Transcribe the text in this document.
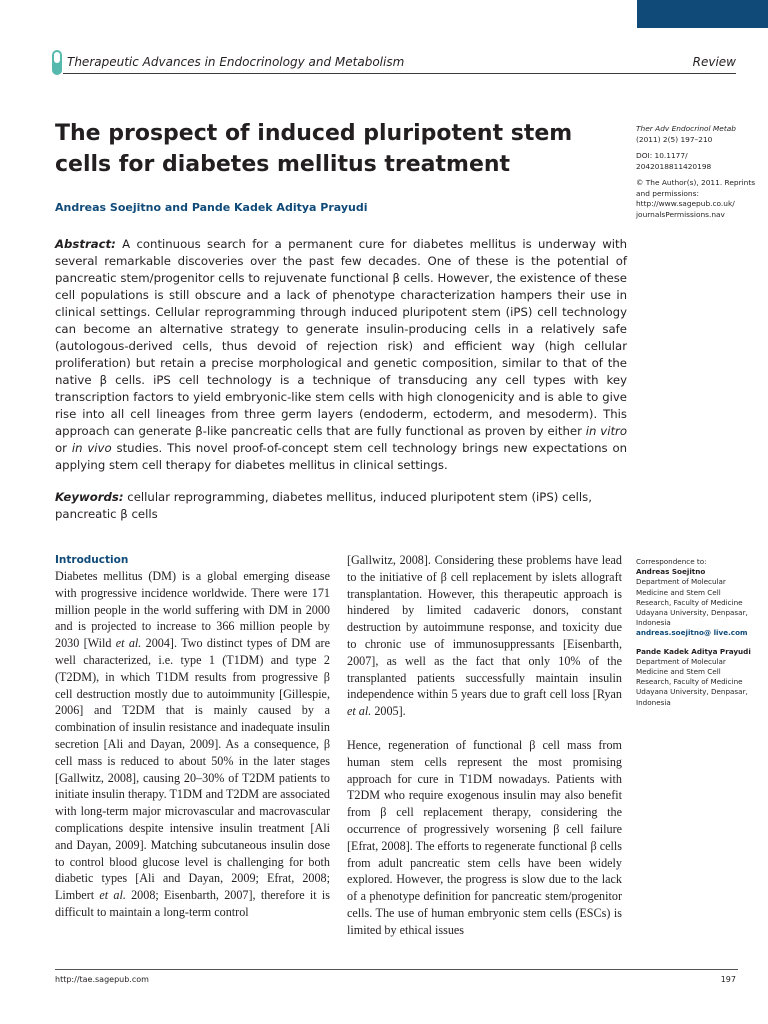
Therapeutic Advances in Endocrinology and Metabolism	Review
The prospect of induced pluripotent stem cells for diabetes mellitus treatment
Andreas Soejitno and Pande Kadek Aditya Prayudi
Ther Adv Endocrinol Metab
(2011) 2(5) 197–210
DOI: 10.1177/ 2042018811420198
© The Author(s), 2011. Reprints and permissions: http://www.sagepub.co.uk/ journalsPermissions.nav

Abstract: A continuous search for a permanent cure for diabetes mellitus is underway with several remarkable discoveries over the past few decades. One of these is the potential of pancreatic stem/progenitor cells to rejuvenate functional β cells. However, the existence of these cell populations is still obscure and a lack of phenotype characterization hampers their use in clinical settings. Cellular reprogramming through induced pluripotent stem (iPS) cell technology can become an alternative strategy to generate insulin-producing cells in a relatively safe (autologous-derived cells, thus devoid of rejection risk) and efficient way (high cellular proliferation) but retain a precise morphological and genetic composition, similar to that of the native β cells. iPS cell technology is a technique of transducing any cell types with key transcription factors to yield embryonic-like stem cells with high clonogenicity and is able to give rise into all cell lineages from three germ layers (endoderm, ectoderm, and mesoderm). This approach can generate β-like pancreatic cells that are fully functional as proven by either in vitro or in vivo studies. This novel proof-of-concept stem cell technology brings new expectations on applying stem cell therapy for diabetes mellitus in clinical settings.

Keywords: cellular reprogramming, diabetes mellitus, induced pluripotent stem (iPS) cells, pancreatic β cells

Introduction

Diabetes mellitus (DM) is a global emerging disease with progressive incidence worldwide. There were 171 million people in the world suffering with DM in 2000 and is projected to increase to 366 million people by 2030 [Wild et al. 2004]. Two distinct types of DM are well characterized, i.e. type 1 (T1DM) and type 2 (T2DM), in which T1DM results from progressive β cell destruction mostly due to autoimmunity [Gillespie, 2006] and T2DM that is mainly caused by a combination of insulin resistance and inadequate insulin secretion [Ali and Dayan, 2009]. As a consequence, β cell mass is reduced to about 50% in the later stages [Gallwitz, 2008], causing 20–30% of T2DM patients to initiate insulin therapy. T1DM and T2DM are associated with long-term major microvascular and macrovascular complications despite intensive insulin treatment [Ali and Dayan, 2009]. Matching subcutaneous insulin dose to control blood glucose level is challenging for both diabetic types [Ali and Dayan, 2009; Efrat, 2008; Limbert et al. 2008; Eisenbarth, 2007], therefore it is difficult to maintain a long-term control

[Gallwitz, 2008]. Considering these problems have lead to the initiative of β cell replacement by islets allograft transplantation. However, this therapeutic approach is hindered by limited cadaveric donors, constant destruction by autoimmune response, and toxicity due to chronic use of immunosuppressants [Eisenbarth, 2007], as well as the fact that only 10% of the transplanted patients successfully maintain insulin independence within 5 years due to graft cell loss [Ryan et al. 2005].

Hence, regeneration of functional β cell mass from human stem cells represent the most promising approach for cure in T1DM nowadays. Patients with T2DM who require exogenous insulin may also benefit from β cell replacement therapy, considering the occurrence of progressively worsening β cell failure [Efrat, 2008]. The efforts to regenerate functional β cells from adult pancreatic stem cells have been widely explored. However, the progress is slow due to the lack of a phenotype definition for pancreatic stem/progenitor cells. The use of human embryonic stem cells (ESCs) is limited by ethical issues

Correspondence to:
Andreas Soejitno
Department of Molecular Medicine and Stem Cell Research, Faculty of Medicine Udayana University, Denpasar, Indonesia
andreas.soejitno@ live.com
Pande Kadek Aditya Prayudi
Department of Molecular Medicine and Stem Cell Research, Faculty of Medicine Udayana University, Denpasar, Indonesia
http://tae.sagepub.com	197
